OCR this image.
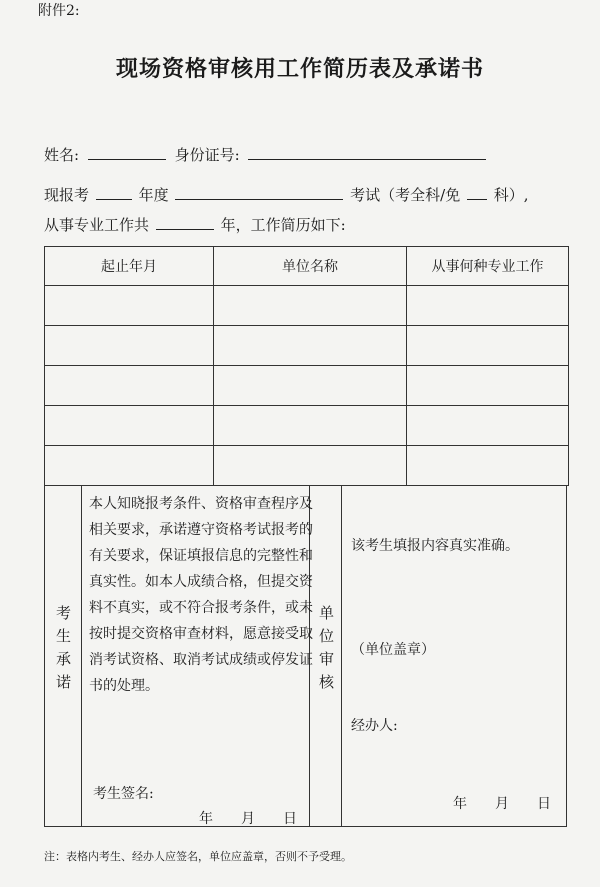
附件2:
现场资格审核用工作简历表及承诺书
姓名:	身份证号:
现报考	年度	考试（考全科/免 科）,
从事专业工作共	年，工作简历如下:
起止年月	单位名称	从事何种专业工作

考生承诺
本人知晓报考条件、资格审查程序及相关要求，承诺遵守资格考试报考的有关要求，保证填报信息的完整性和真实性。如本人成绩合格，但提交资料不真实，或不符合报考条件，或未按时提交资格审查材料，愿意接受取消考试资格、取消考试成绩或停发证书的处理。
考生签名:
年　　月　　日
单位审核
该考生填报内容真实准确。
（单位盖章）
经办人:
年　　月　　日
注：表格内考生、经办人应签名，单位应盖章，否则不予受理。
